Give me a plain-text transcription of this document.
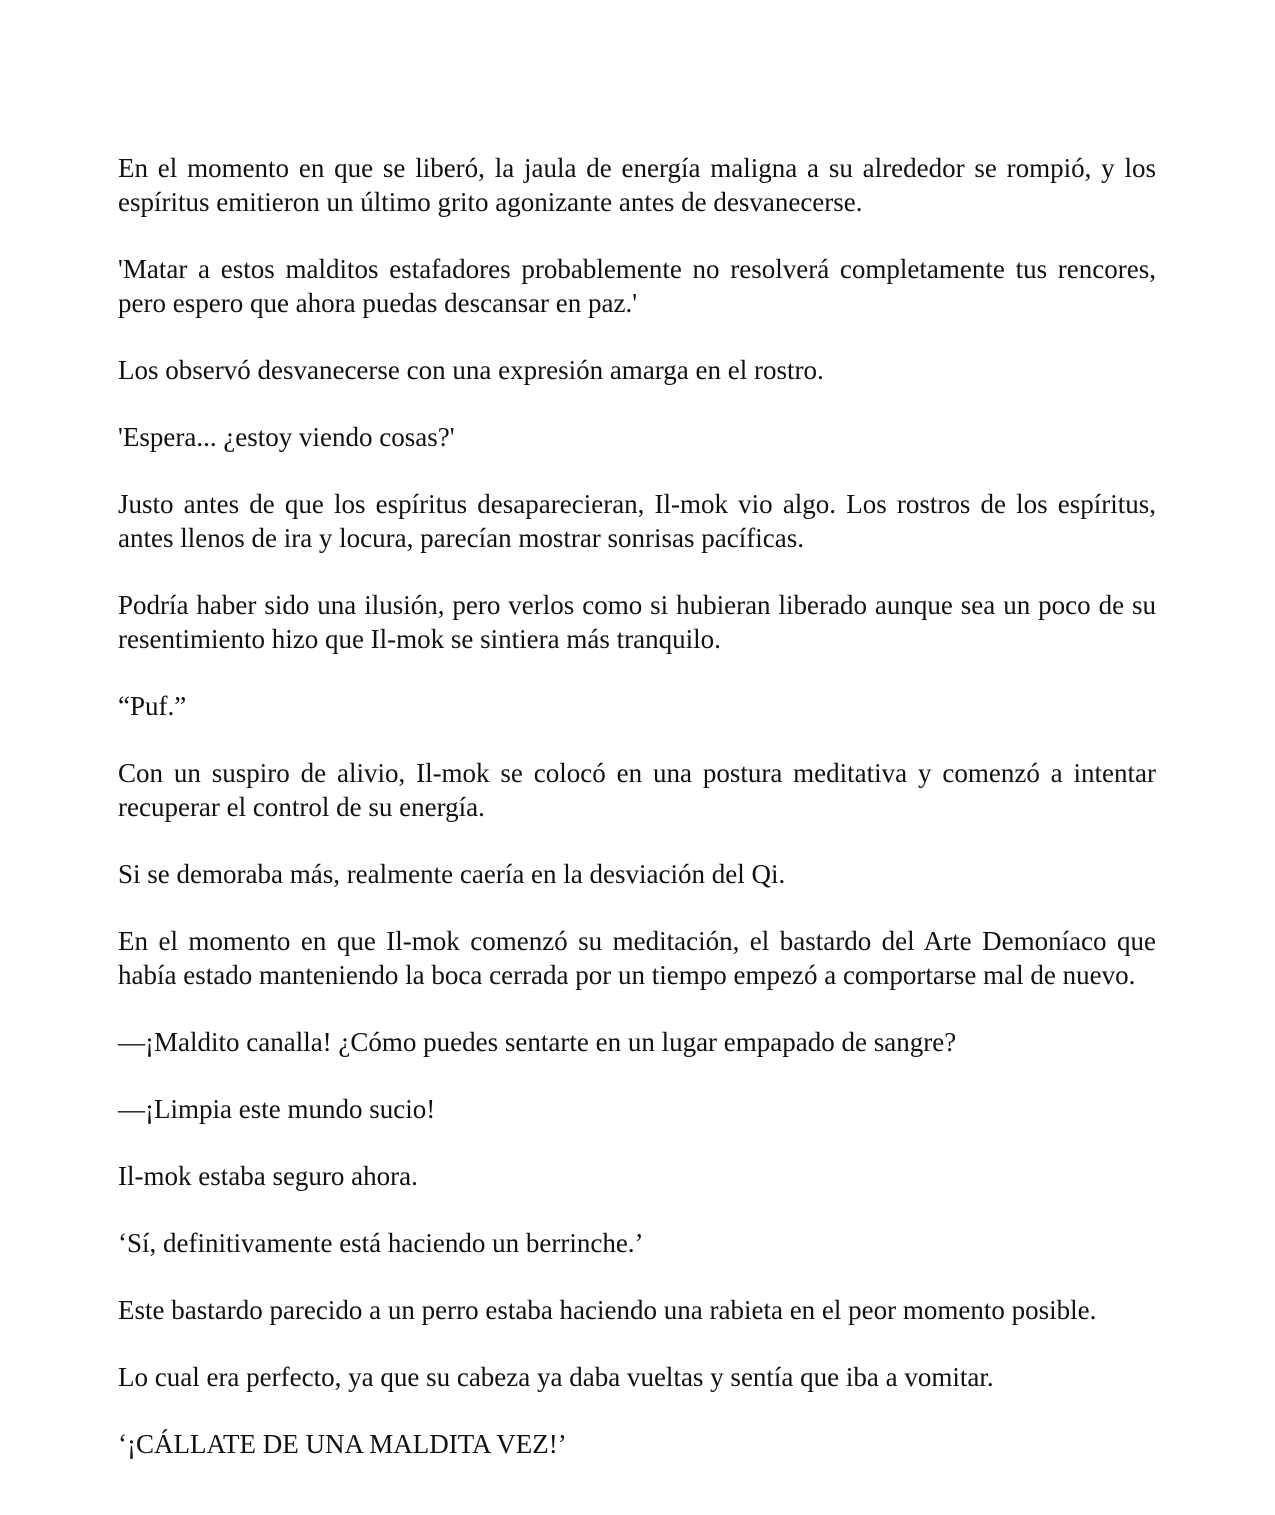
En el momento en que se liberó, la jaula de energía maligna a su alrededor se rompió, y los espíritus emitieron un último grito agonizante antes de desvanecerse.

'Matar a estos malditos estafadores probablemente no resolverá completamente tus rencores, pero espero que ahora puedas descansar en paz.'

Los observó desvanecerse con una expresión amarga en el rostro.

'Espera... ¿estoy viendo cosas?'

Justo antes de que los espíritus desaparecieran, Il-mok vio algo. Los rostros de los espíritus, antes llenos de ira y locura, parecían mostrar sonrisas pacíficas.

Podría haber sido una ilusión, pero verlos como si hubieran liberado aunque sea un poco de su resentimiento hizo que Il-mok se sintiera más tranquilo.

“Puf.”

Con un suspiro de alivio, Il-mok se colocó en una postura meditativa y comenzó a intentar recuperar el control de su energía.

Si se demoraba más, realmente caería en la desviación del Qi.

En el momento en que Il-mok comenzó su meditación, el bastardo del Arte Demoníaco que había estado manteniendo la boca cerrada por un tiempo empezó a comportarse mal de nuevo.

—¡Maldito canalla! ¿Cómo puedes sentarte en un lugar empapado de sangre?

—¡Limpia este mundo sucio!

Il-mok estaba seguro ahora.

‘Sí, definitivamente está haciendo un berrinche.’

Este bastardo parecido a un perro estaba haciendo una rabieta en el peor momento posible.

Lo cual era perfecto, ya que su cabeza ya daba vueltas y sentía que iba a vomitar.

‘¡CÁLLATE DE UNA MALDITA VEZ!’
